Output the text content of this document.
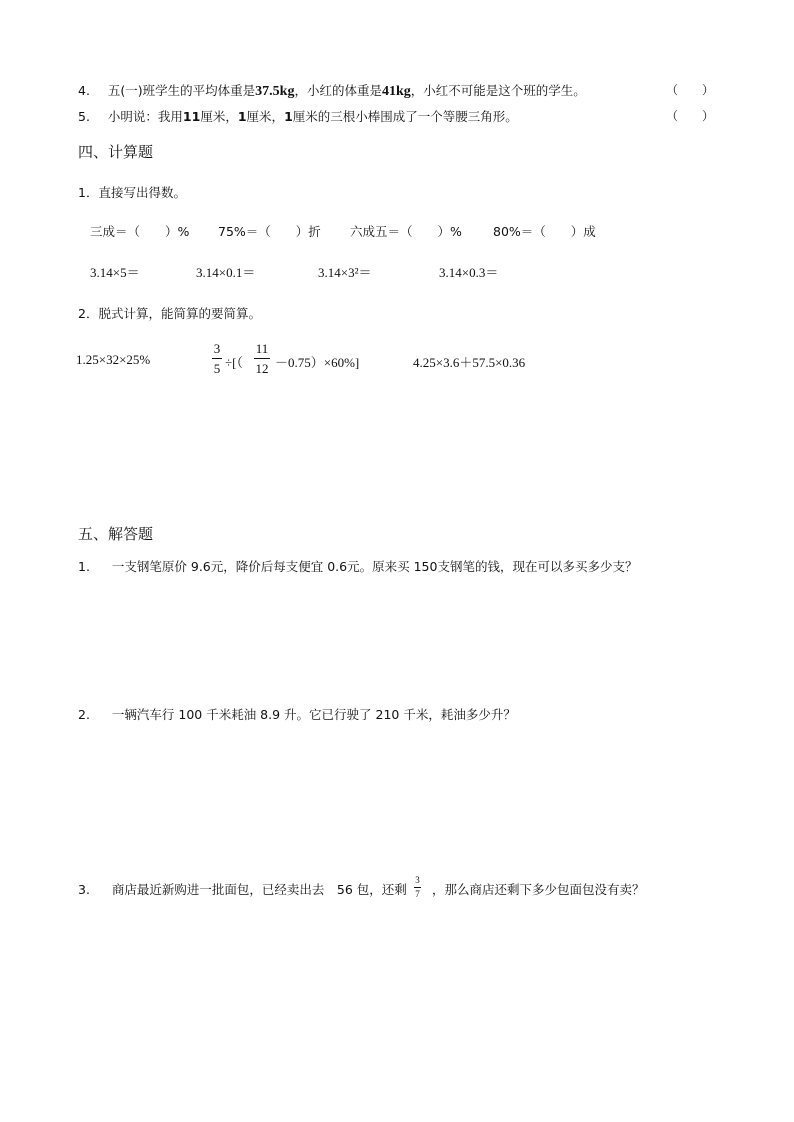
4. 五(一)班学生的平均体重是37.5kg，小红的体重是41kg，小红不可能是这个班的学生。	（　　）
5. 小明说：我用11厘米，1厘米，1厘米的三根小棒围成了一个等腰三角形。	（　　）
四、计算题
1．直接写出得数。
三成＝（　　）% 75%＝（　　）折 六成五＝（　　）% 80%＝（　　）成
3.14×5＝	3.14×0.1＝	3.14×3²＝	3.14×0.3＝
2．脱式计算，能简算的要简算。
1.25×32×25%
3
5 ÷[（
11
12 －0.75）×60%]	4.25×3.6＋57.5×0.36
五、解答题
1. 一支钢笔原价 9.6元，降价后每支便宜 0.6元。原来买 150支钢笔的钱，现在可以多买多少支？
2. 一辆汽车行 100 千米耗油 8.9 升。它已行驶了 210 千米，耗油多少升？
3. 商店最近新购进一批面包，已经卖出去　56 包，还剩
3
7 ，那么商店还剩下多少包面包没有卖？
